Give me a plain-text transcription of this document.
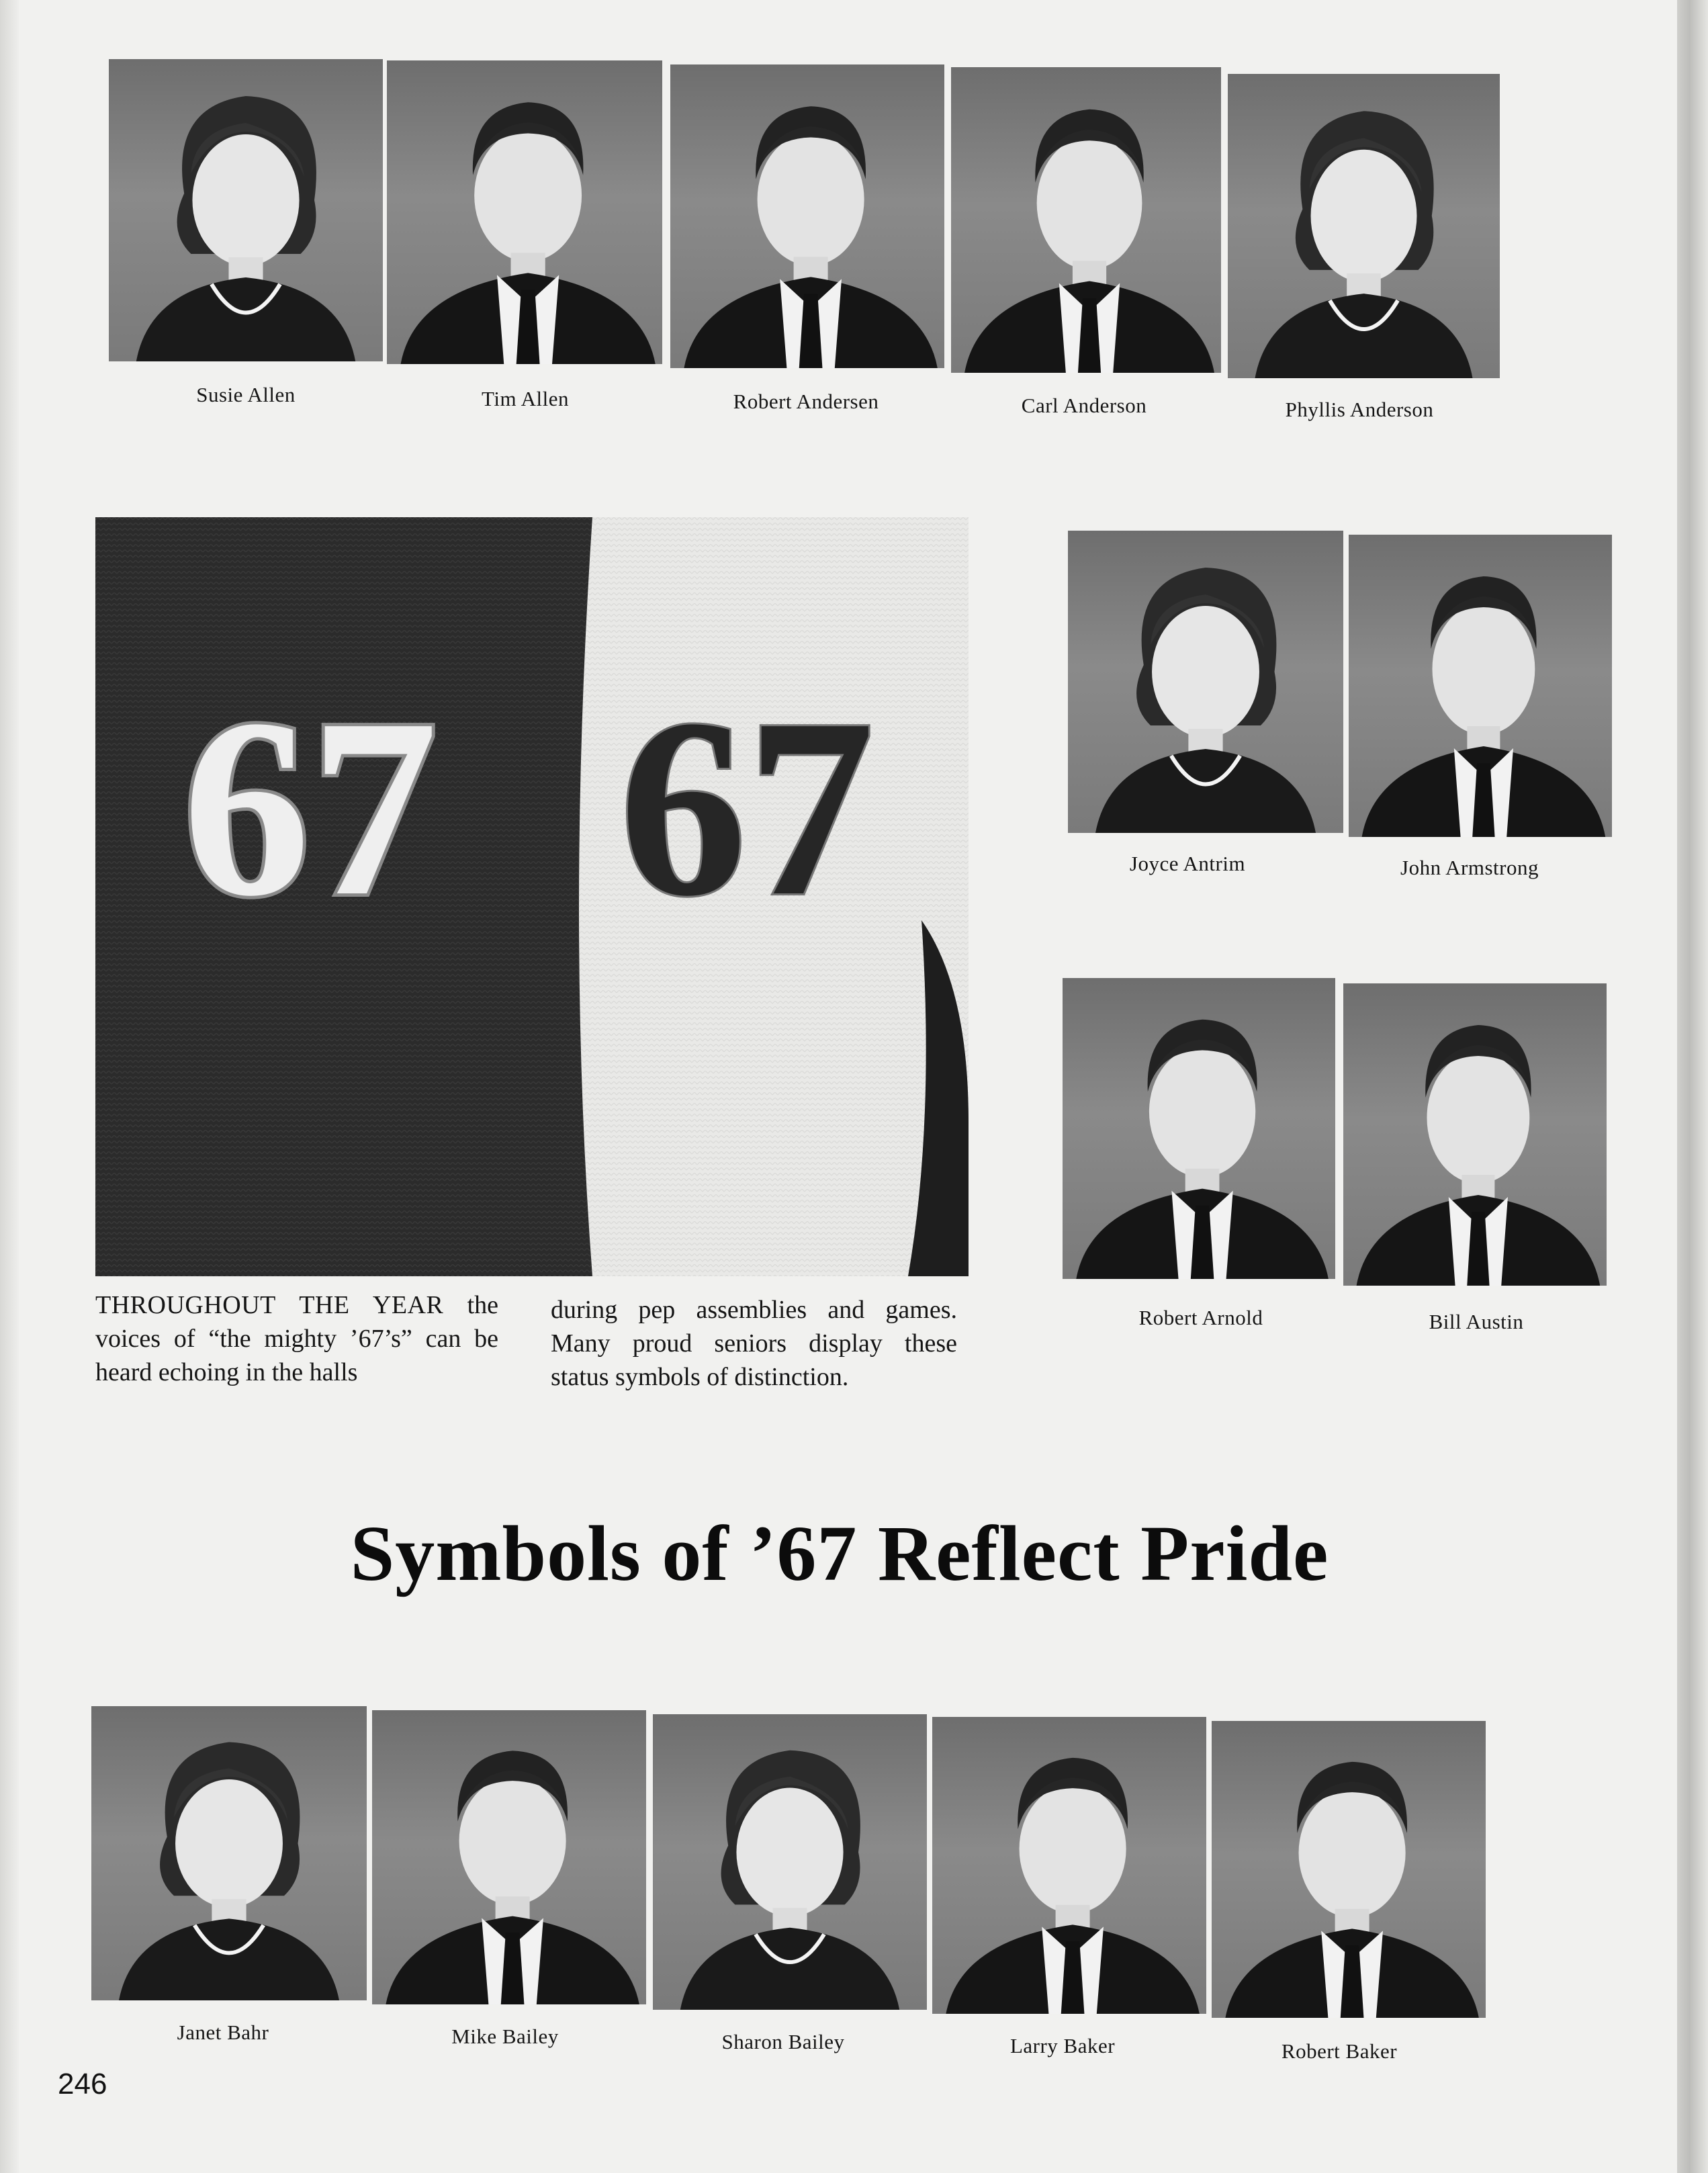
Susie Allen	Tim Allen	Robert Andersen	Carl Anderson	Phyllis Anderson
67 67
THROUGHOUT THE YEAR the voices of “the mighty ’67’s” can be heard echoing in the halls
during pep assemblies and games. Many proud seniors display these status symbols of distinction.
Joyce Antrim	John Armstrong
Robert Arnold	Bill Austin
Symbols of ’67 Reflect Pride
Janet Bahr	Mike Bailey	Sharon Bailey	Larry Baker	Robert Baker
246
